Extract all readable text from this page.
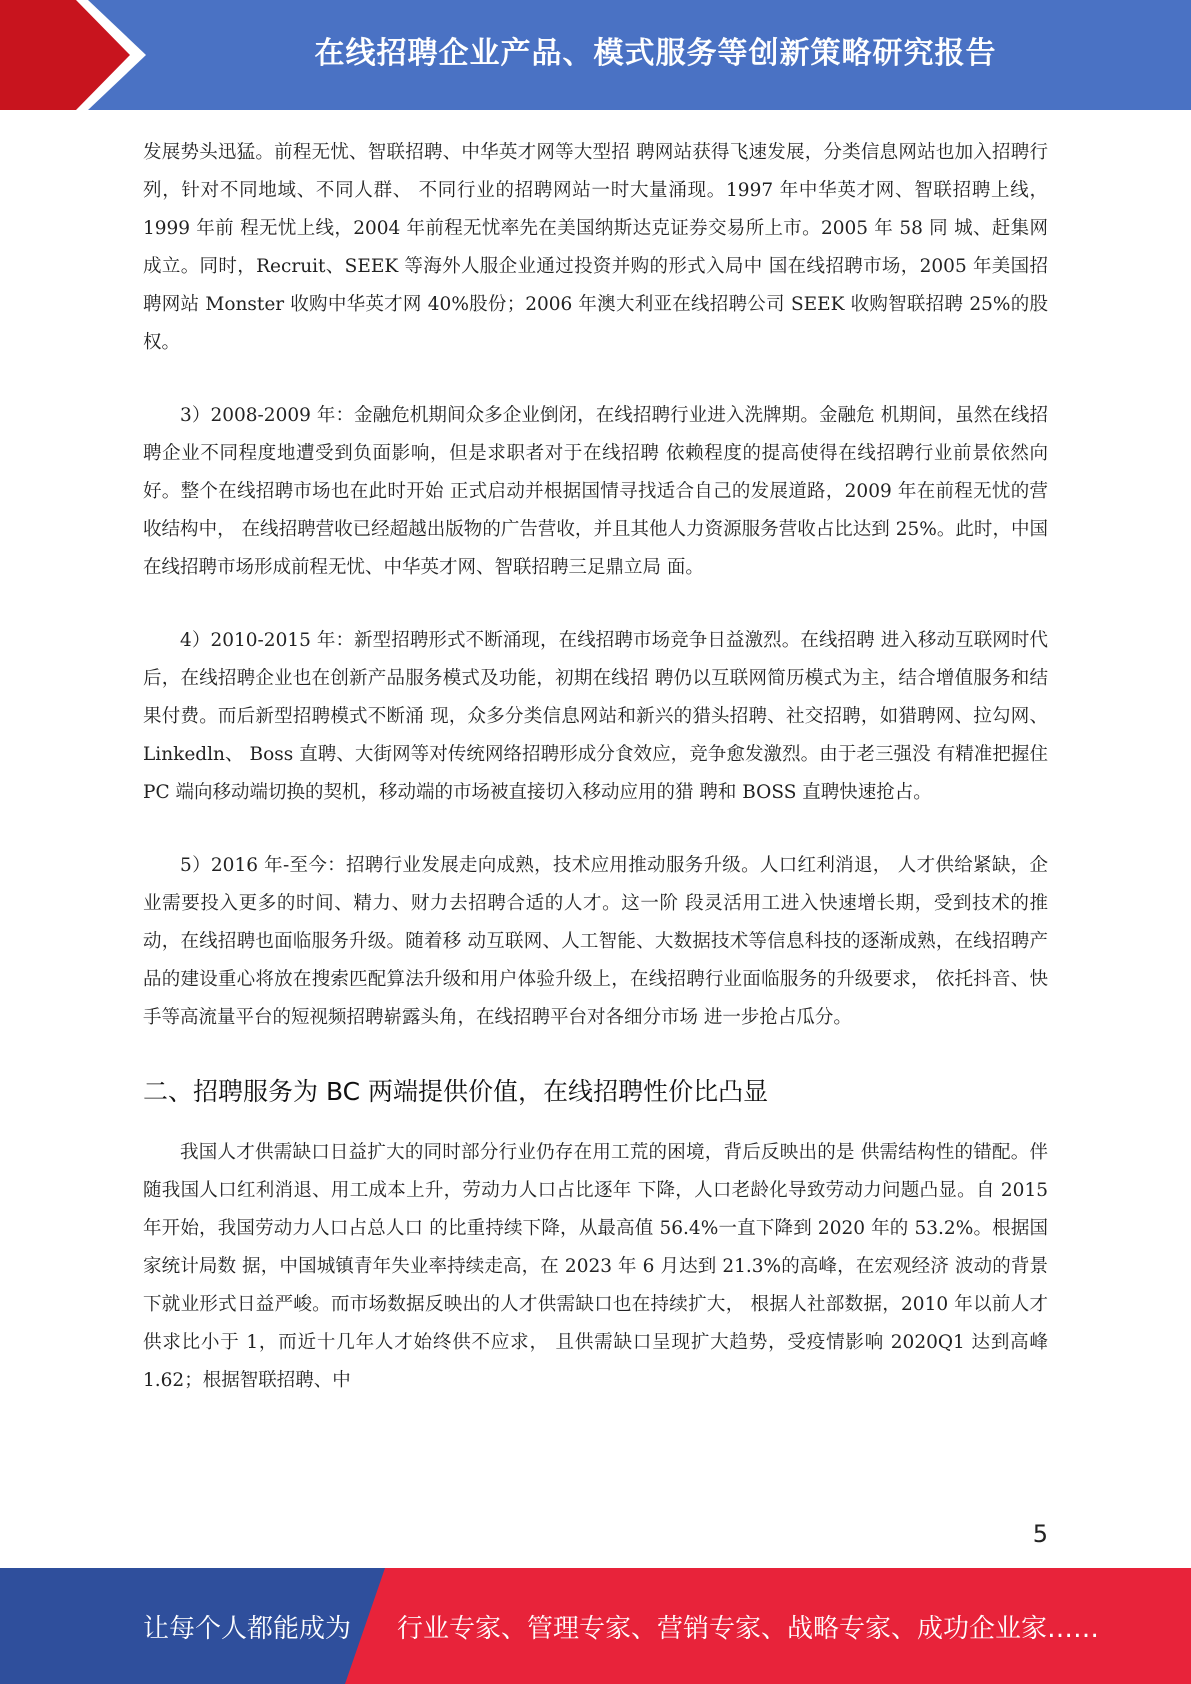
在线招聘企业产品、模式服务等创新策略研究报告

发展势头迅猛。前程无忧、智联招聘、中华英才网等大型招 聘网站获得飞速发展，分类信息网站也加入招聘行列，针对不同地域、不同人群、 不同行业的招聘网站一时大量涌现。1997 年中华英才网、智联招聘上线，1999 年前 程无忧上线，2004 年前程无忧率先在美国纳斯达克证券交易所上市。2005 年 58 同 城、赶集网成立。同时，Recruit、SEEK 等海外人服企业通过投资并购的形式入局中 国在线招聘市场，2005 年美国招聘网站 Monster 收购中华英才网 40%股份；2006 年澳大利亚在线招聘公司 SEEK 收购智联招聘 25%的股权。

3）2008-2009 年：金融危机期间众多企业倒闭，在线招聘行业进入洗牌期。金融危 机期间，虽然在线招聘企业不同程度地遭受到负面影响，但是求职者对于在线招聘 依赖程度的提高使得在线招聘行业前景依然向好。整个在线招聘市场也在此时开始 正式启动并根据国情寻找适合自己的发展道路，2009 年在前程无忧的营收结构中， 在线招聘营收已经超越出版物的广告营收，并且其他人力资源服务营收占比达到 25%。此时，中国在线招聘市场形成前程无忧、中华英才网、智联招聘三足鼎立局 面。

4）2010-2015 年：新型招聘形式不断涌现，在线招聘市场竞争日益激烈。在线招聘 进入移动互联网时代后，在线招聘企业也在创新产品服务模式及功能，初期在线招 聘仍以互联网简历模式为主，结合增值服务和结果付费。而后新型招聘模式不断涌 现，众多分类信息网站和新兴的猎头招聘、社交招聘，如猎聘网、拉勾网、Linkedln、 Boss 直聘、大街网等对传统网络招聘形成分食效应，竞争愈发激烈。由于老三强没 有精准把握住 PC 端向移动端切换的契机，移动端的市场被直接切入移动应用的猎 聘和 BOSS 直聘快速抢占。

5）2016 年-至今：招聘行业发展走向成熟，技术应用推动服务升级。人口红利消退， 人才供给紧缺，企业需要投入更多的时间、精力、财力去招聘合适的人才。这一阶 段灵活用工进入快速增长期，受到技术的推动，在线招聘也面临服务升级。随着移 动互联网、人工智能、大数据技术等信息科技的逐渐成熟，在线招聘产品的建设重心将放在搜索匹配算法升级和用户体验升级上，在线招聘行业面临服务的升级要求， 依托抖音、快手等高流量平台的短视频招聘崭露头角，在线招聘平台对各细分市场 进一步抢占瓜分。

二、招聘服务为 BC 两端提供价值，在线招聘性价比凸显

我国人才供需缺口日益扩大的同时部分行业仍存在用工荒的困境，背后反映出的是 供需结构性的错配。伴随我国人口红利消退、用工成本上升，劳动力人口占比逐年 下降，人口老龄化导致劳动力问题凸显。自 2015 年开始，我国劳动力人口占总人口 的比重持续下降，从最高值 56.4%一直下降到 2020 年的 53.2%。根据国家统计局数 据，中国城镇青年失业率持续走高，在 2023 年 6 月达到 21.3%的高峰，在宏观经济 波动的背景下就业形式日益严峻。而市场数据反映出的人才供需缺口也在持续扩大， 根据人社部数据，2010 年以前人才供求比小于 1，而近十几年人才始终供不应求， 且供需缺口呈现扩大趋势，受疫情影响 2020Q1 达到高峰 1.62；根据智联招聘、中

5
让每个人都能成为 行业专家、管理专家、营销专家、战略专家、成功企业家……
